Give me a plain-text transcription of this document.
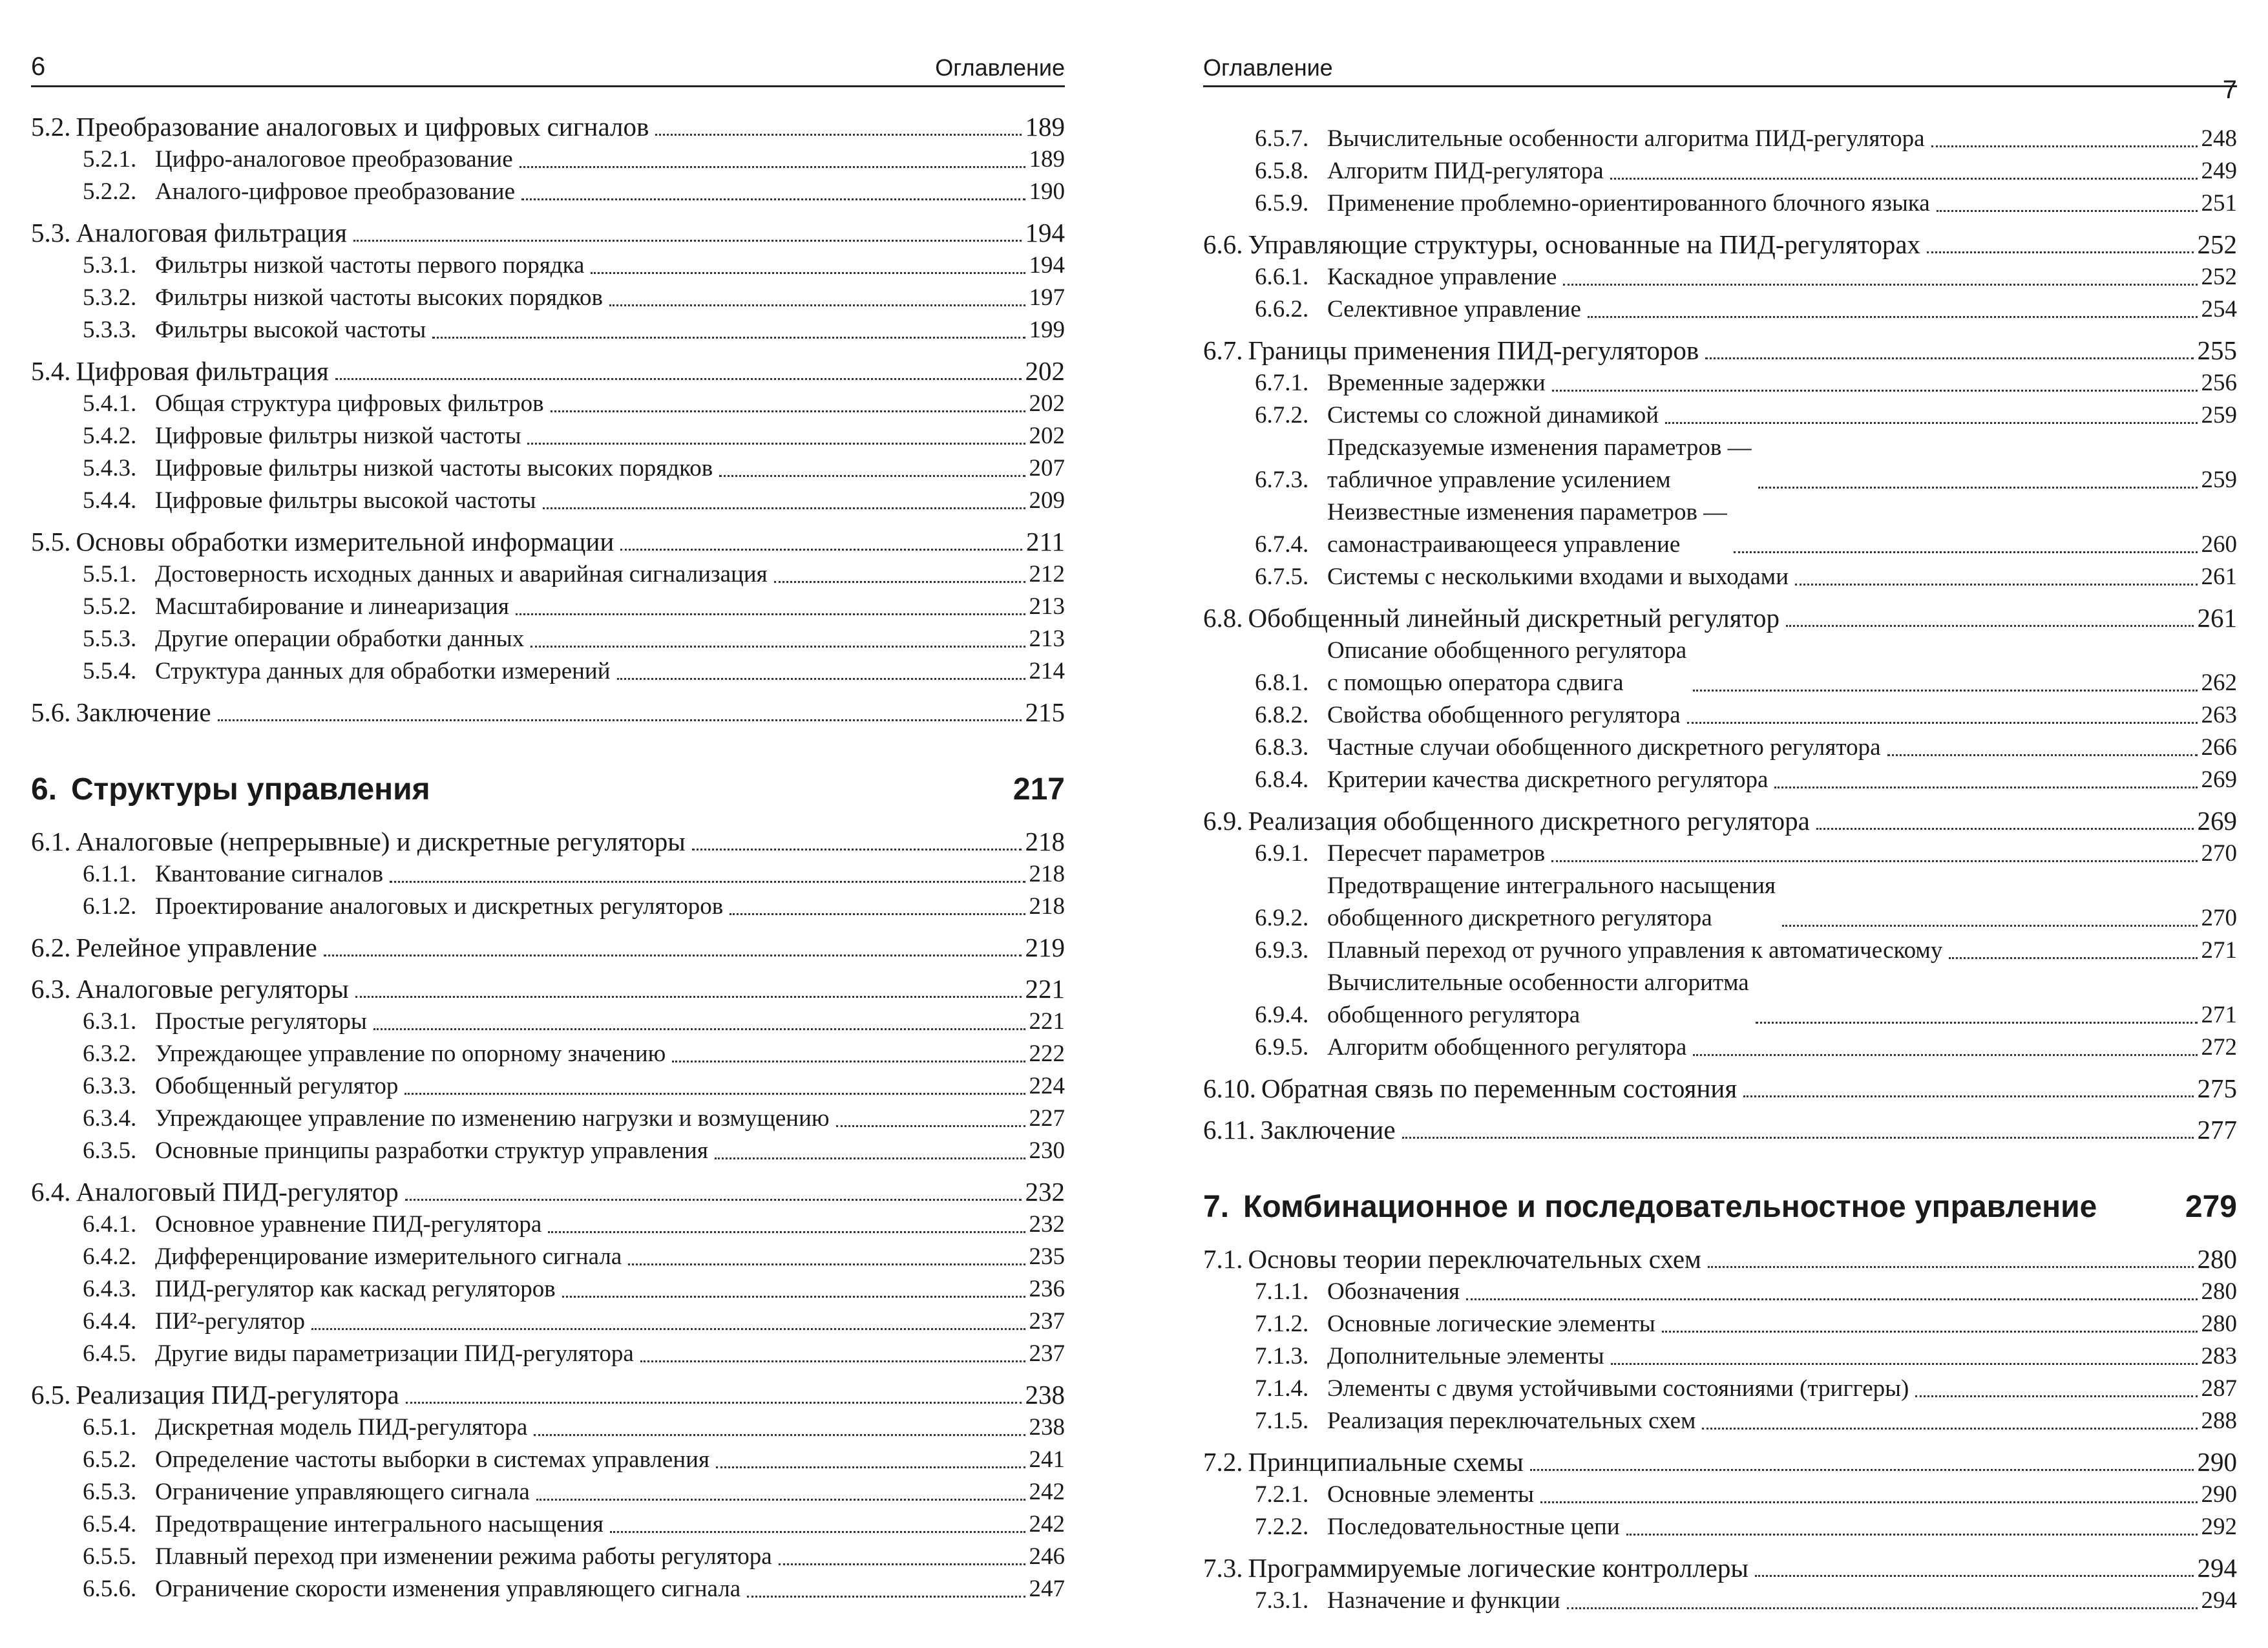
6	Оглавление
5.2. Преобразование аналоговых и цифровых сигналов	189
5.2.1. Цифро-аналоговое преобразование	189
5.2.2. Аналого-цифровое преобразование	190
5.3. Аналоговая фильтрация	194
5.3.1. Фильтры низкой частоты первого порядка	194
5.3.2. Фильтры низкой частоты высоких порядков	197
5.3.3. Фильтры высокой частоты	199
5.4. Цифровая фильтрация	202
5.4.1. Общая структура цифровых фильтров	202
5.4.2. Цифровые фильтры низкой частоты	202
5.4.3. Цифровые фильтры низкой частоты высоких порядков	207
5.4.4. Цифровые фильтры высокой частоты	209
5.5. Основы обработки измерительной информации	211
5.5.1. Достоверность исходных данных и аварийная сигнализация	212
5.5.2. Масштабирование и линеаризация	213
5.5.3. Другие операции обработки данных	213
5.5.4. Структура данных для обработки измерений	214
5.6. Заключение	215
6. Структуры управления	217
6.1. Аналоговые (непрерывные) и дискретные регуляторы	218
6.1.1. Квантование сигналов	218
6.1.2. Проектирование аналоговых и дискретных регуляторов	218
6.2. Релейное управление	219
6.3. Аналоговые регуляторы	221
6.3.1. Простые регуляторы	221
6.3.2. Упреждающее управление по опорному значению	222
6.3.3. Обобщенный регулятор	224
6.3.4. Упреждающее управление по изменению нагрузки и возмущению	227
6.3.5. Основные принципы разработки структур управления	230
6.4. Аналоговый ПИД-регулятор	232
6.4.1. Основное уравнение ПИД-регулятора	232
6.4.2. Дифференцирование измерительного сигнала	235
6.4.3. ПИД-регулятор как каскад регуляторов	236
6.4.4. ПИ²-регулятор	237
6.4.5. Другие виды параметризации ПИД-регулятора	237
6.5. Реализация ПИД-регулятора	238
6.5.1. Дискретная модель ПИД-регулятора	238
6.5.2. Определение частоты выборки в системах управления	241
6.5.3. Ограничение управляющего сигнала	242
6.5.4. Предотвращение интегрального насыщения	242
6.5.5. Плавный переход при изменении режима работы регулятора	246
6.5.6. Ограничение скорости изменения управляющего сигнала	247
Оглавление
7
6.5.7. Вычислительные особенности алгоритма ПИД-регулятора	248
6.5.8. Алгоритм ПИД-регулятора	249
6.5.9. Применение проблемно-ориентированного блочного языка	251
6.6. Управляющие структуры, основанные на ПИД-регуляторах	252
6.6.1. Каскадное управление	252
6.6.2. Селективное управление	254
6.7. Границы применения ПИД-регуляторов	255
6.7.1. Временные задержки	256
6.7.2. Системы со сложной динамикой	259
6.7.3.
Предсказуемые изменения параметров —
табличное управление усилением	259
6.7.4.
Неизвестные изменения параметров —
самонастраивающееся управление	260
6.7.5. Системы с несколькими входами и выходами	261
6.8. Обобщенный линейный дискретный регулятор	261
6.8.1.
Описание обобщенного регулятора
с помощью оператора сдвига	262
6.8.2. Свойства обобщенного регулятора	263
6.8.3. Частные случаи обобщенного дискретного регулятора	266
6.8.4. Критерии качества дискретного регулятора	269
6.9. Реализация обобщенного дискретного регулятора	269
6.9.1. Пересчет параметров	270
6.9.2.
Предотвращение интегрального насыщения
обобщенного дискретного регулятора	270
6.9.3. Плавный переход от ручного управления к автоматическому	271
6.9.4.
Вычислительные особенности алгоритма
обобщенного регулятора	271
6.9.5. Алгоритм обобщенного регулятора	272
6.10. Обратная связь по переменным состояния	275
6.11. Заключение	277
7. Комбинационное и последовательностное управление	279
7.1. Основы теории переключательных схем	280
7.1.1. Обозначения	280
7.1.2. Основные логические элементы	280
7.1.3. Дополнительные элементы	283
7.1.4. Элементы с двумя устойчивыми состояниями (триггеры)	287
7.1.5. Реализация переключательных схем	288
7.2. Принципиальные схемы	290
7.2.1. Основные элементы	290
7.2.2. Последовательностные цепи	292
7.3. Программируемые логические контроллеры	294
7.3.1. Назначение и функции	294
